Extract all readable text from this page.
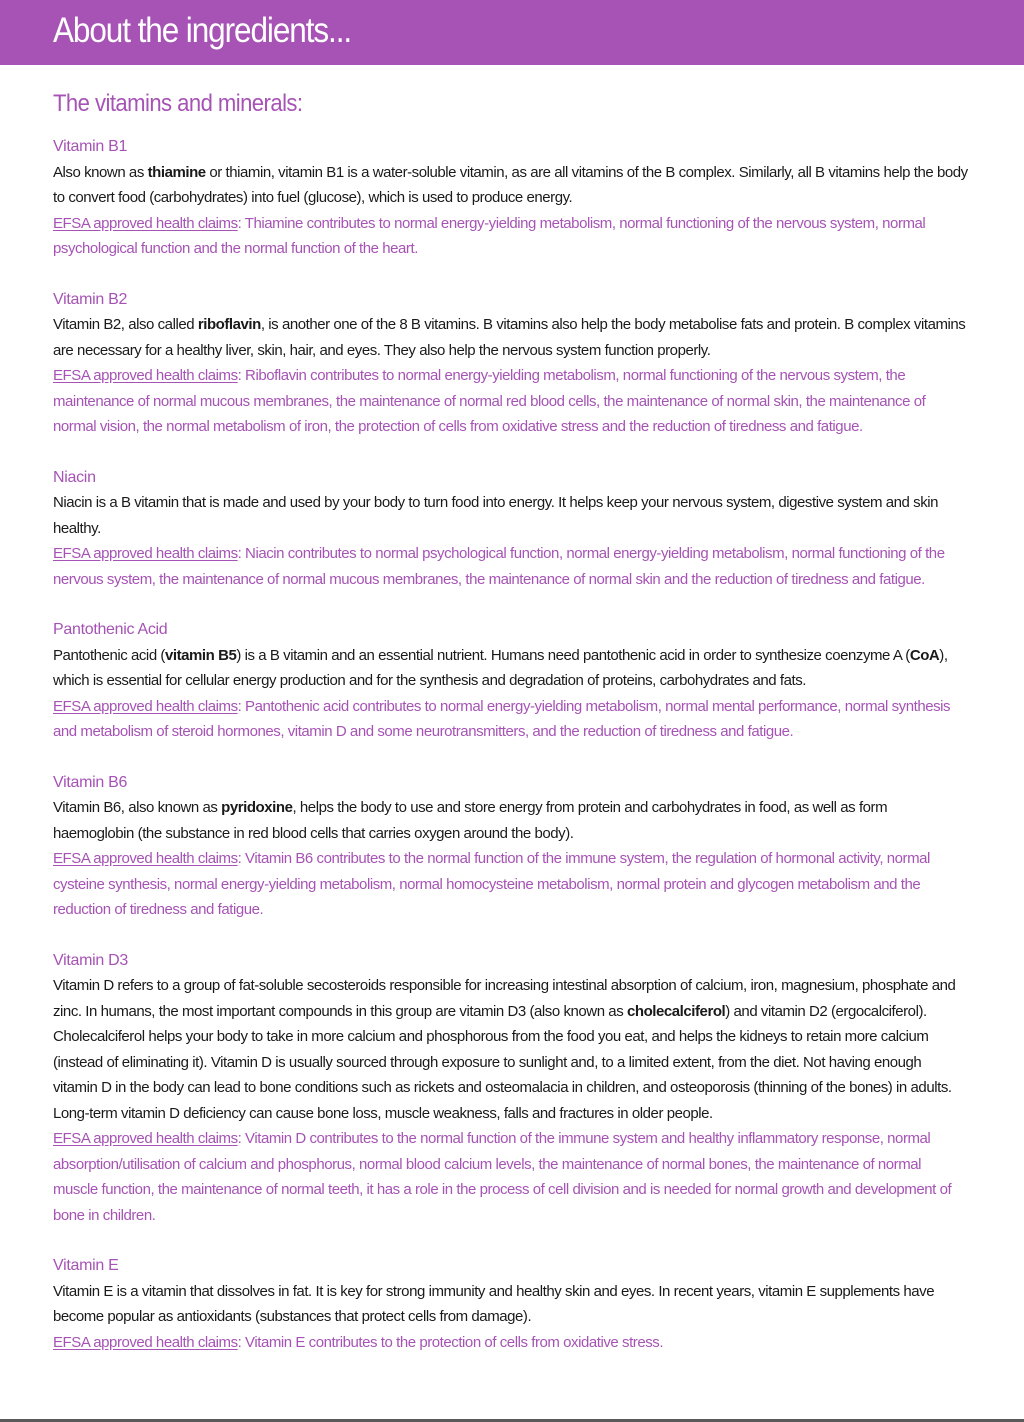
About the ingredients...
The vitamins and minerals:
Vitamin B1

Also known as thiamine or thiamin, vitamin B1 is a water-soluble vitamin, as are all vitamins of the B complex. Similarly, all B vitamins help the body to convert food (carbohydrates) into fuel (glucose), which is used to produce energy.

EFSA approved health claims: Thiamine contributes to normal energy-yielding metabolism, normal functioning of the nervous system, normal psychological function and the normal function of the heart.

Vitamin B2

Vitamin B2, also called riboflavin, is another one of the 8 B vitamins. B vitamins also help the body metabolise fats and protein. B complex vitamins are necessary for a healthy liver, skin, hair, and eyes. They also help the nervous system function properly.

EFSA approved health claims: Riboflavin contributes to normal energy-yielding metabolism, normal functioning of the nervous system, the maintenance of normal mucous membranes, the maintenance of normal red blood cells, the maintenance of normal skin, the maintenance of normal vision, the normal metabolism of iron, the protection of cells from oxidative stress and the reduction of tiredness and fatigue.

Niacin

Niacin is a B vitamin that is made and used by your body to turn food into energy. It helps keep your nervous system, digestive system and skin healthy.

EFSA approved health claims: Niacin contributes to normal psychological function, normal energy-yielding metabolism, normal functioning of the nervous system, the maintenance of normal mucous membranes, the maintenance of normal skin and the reduction of tiredness and fatigue.

Pantothenic Acid

Pantothenic acid (vitamin B5) is a B vitamin and an essential nutrient. Humans need pantothenic acid in order to synthesize coenzyme A (CoA), which is essential for cellular energy production and for the synthesis and degradation of proteins, carbohydrates and fats.

EFSA approved health claims: Pantothenic acid contributes to normal energy-yielding metabolism, normal mental performance, normal synthesis and metabolism of steroid hormones, vitamin D and some neurotransmitters, and the reduction of tiredness and fatigue.

Vitamin B6

Vitamin B6, also known as pyridoxine, helps the body to use and store energy from protein and carbohydrates in food, as well as form haemoglobin (the substance in red blood cells that carries oxygen around the body).

EFSA approved health claims: Vitamin B6 contributes to the normal function of the immune system, the regulation of hormonal activity, normal cysteine synthesis, normal energy-yielding metabolism, normal homocysteine metabolism, normal protein and glycogen metabolism and the reduction of tiredness and fatigue.

Vitamin D3

Vitamin D refers to a group of fat-soluble secosteroids responsible for increasing intestinal absorption of calcium, iron, magnesium, phosphate and zinc. In humans, the most important compounds in this group are vitamin D3 (also known as cholecalciferol) and vitamin D2 (ergocalciferol). Cholecalciferol helps your body to take in more calcium and phosphorous from the food you eat, and helps the kidneys to retain more calcium (instead of eliminating it). Vitamin D is usually sourced through exposure to sunlight and, to a limited extent, from the diet. Not having enough vitamin D in the body can lead to bone conditions such as rickets and osteomalacia in children, and osteoporosis (thinning of the bones) in adults. Long-term vitamin D deficiency can cause bone loss, muscle weakness, falls and fractures in older people.

EFSA approved health claims: Vitamin D contributes to the normal function of the immune system and healthy inflammatory response, normal absorption/utilisation of calcium and phosphorus, normal blood calcium levels, the maintenance of normal bones, the maintenance of normal muscle function, the maintenance of normal teeth, it has a role in the process of cell division and is needed for normal growth and development of bone in children.

Vitamin E

Vitamin E is a vitamin that dissolves in fat. It is key for strong immunity and healthy skin and eyes. In recent years, vitamin E supplements have become popular as antioxidants (substances that protect cells from damage).

EFSA approved health claims: Vitamin E contributes to the protection of cells from oxidative stress.
